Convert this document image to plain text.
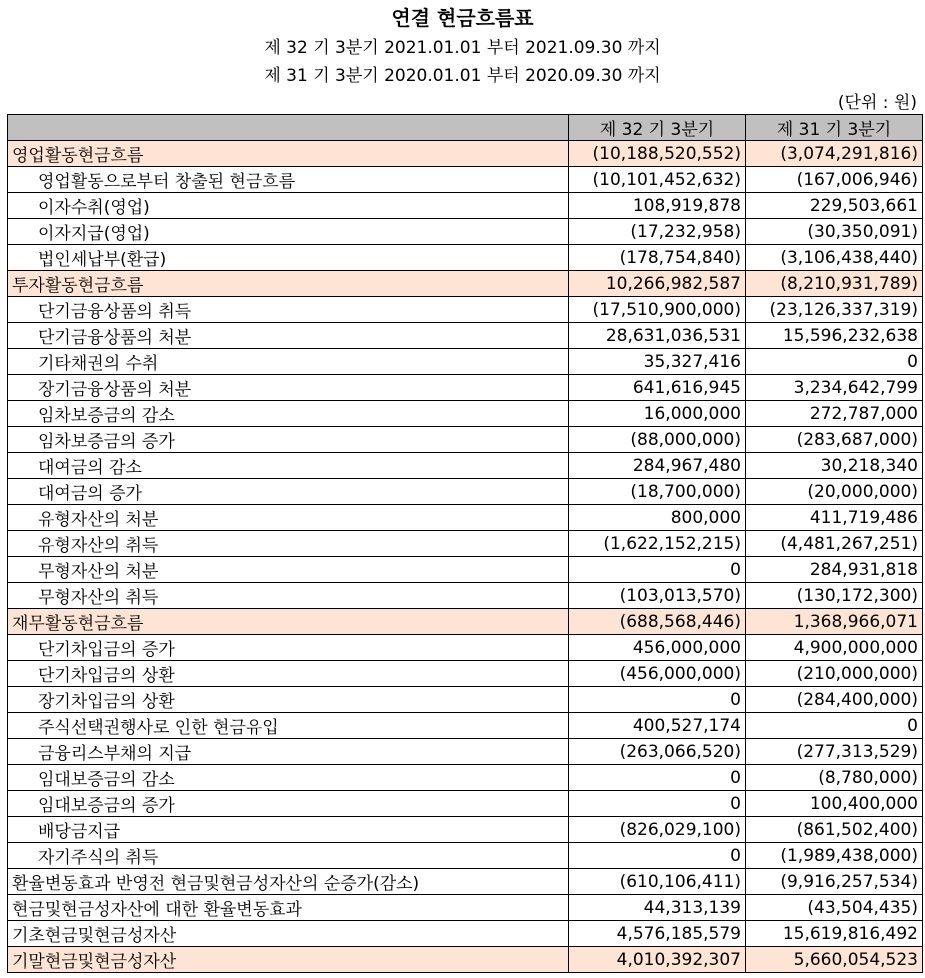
연결 현금흐름표
제 32 기 3분기 2021.01.01 부터 2021.09.30 까지
제 31 기 3분기 2020.01.01 부터 2020.09.30 까지
(단위 : 원)
	제 32 기 3분기	제 31 기 3분기
영업활동현금흐름	(10,188,520,552)	(3,074,291,816)
영업활동으로부터 창출된 현금흐름	(10,101,452,632)	(167,006,946)
이자수취(영업)	108,919,878	229,503,661
이자지급(영업)	(17,232,958)	(30,350,091)
법인세납부(환급)	(178,754,840)	(3,106,438,440)
투자활동현금흐름	10,266,982,587	(8,210,931,789)
단기금융상품의 취득	(17,510,900,000)	(23,126,337,319)
단기금융상품의 처분	28,631,036,531	15,596,232,638
기타채권의 수취	35,327,416	0
장기금융상품의 처분	641,616,945	3,234,642,799
임차보증금의 감소	16,000,000	272,787,000
임차보증금의 증가	(88,000,000)	(283,687,000)
대여금의 감소	284,967,480	30,218,340
대여금의 증가	(18,700,000)	(20,000,000)
유형자산의 처분	800,000	411,719,486
유형자산의 취득	(1,622,152,215)	(4,481,267,251)
무형자산의 처분	0	284,931,818
무형자산의 취득	(103,013,570)	(130,172,300)
재무활동현금흐름	(688,568,446)	1,368,966,071
단기차입금의 증가	456,000,000	4,900,000,000
단기차입금의 상환	(456,000,000)	(210,000,000)
장기차입금의 상환	0	(284,400,000)
주식선택권행사로 인한 현금유입	400,527,174	0
금융리스부채의 지급	(263,066,520)	(277,313,529)
임대보증금의 감소	0	(8,780,000)
임대보증금의 증가	0	100,400,000
배당금지급	(826,029,100)	(861,502,400)
자기주식의 취득	0	(1,989,438,000)
환율변동효과 반영전 현금및현금성자산의 순증가(감소)	(610,106,411)	(9,916,257,534)
현금및현금성자산에 대한 환율변동효과	44,313,139	(43,504,435)
기초현금및현금성자산	4,576,185,579	15,619,816,492
기말현금및현금성자산	4,010,392,307	5,660,054,523
